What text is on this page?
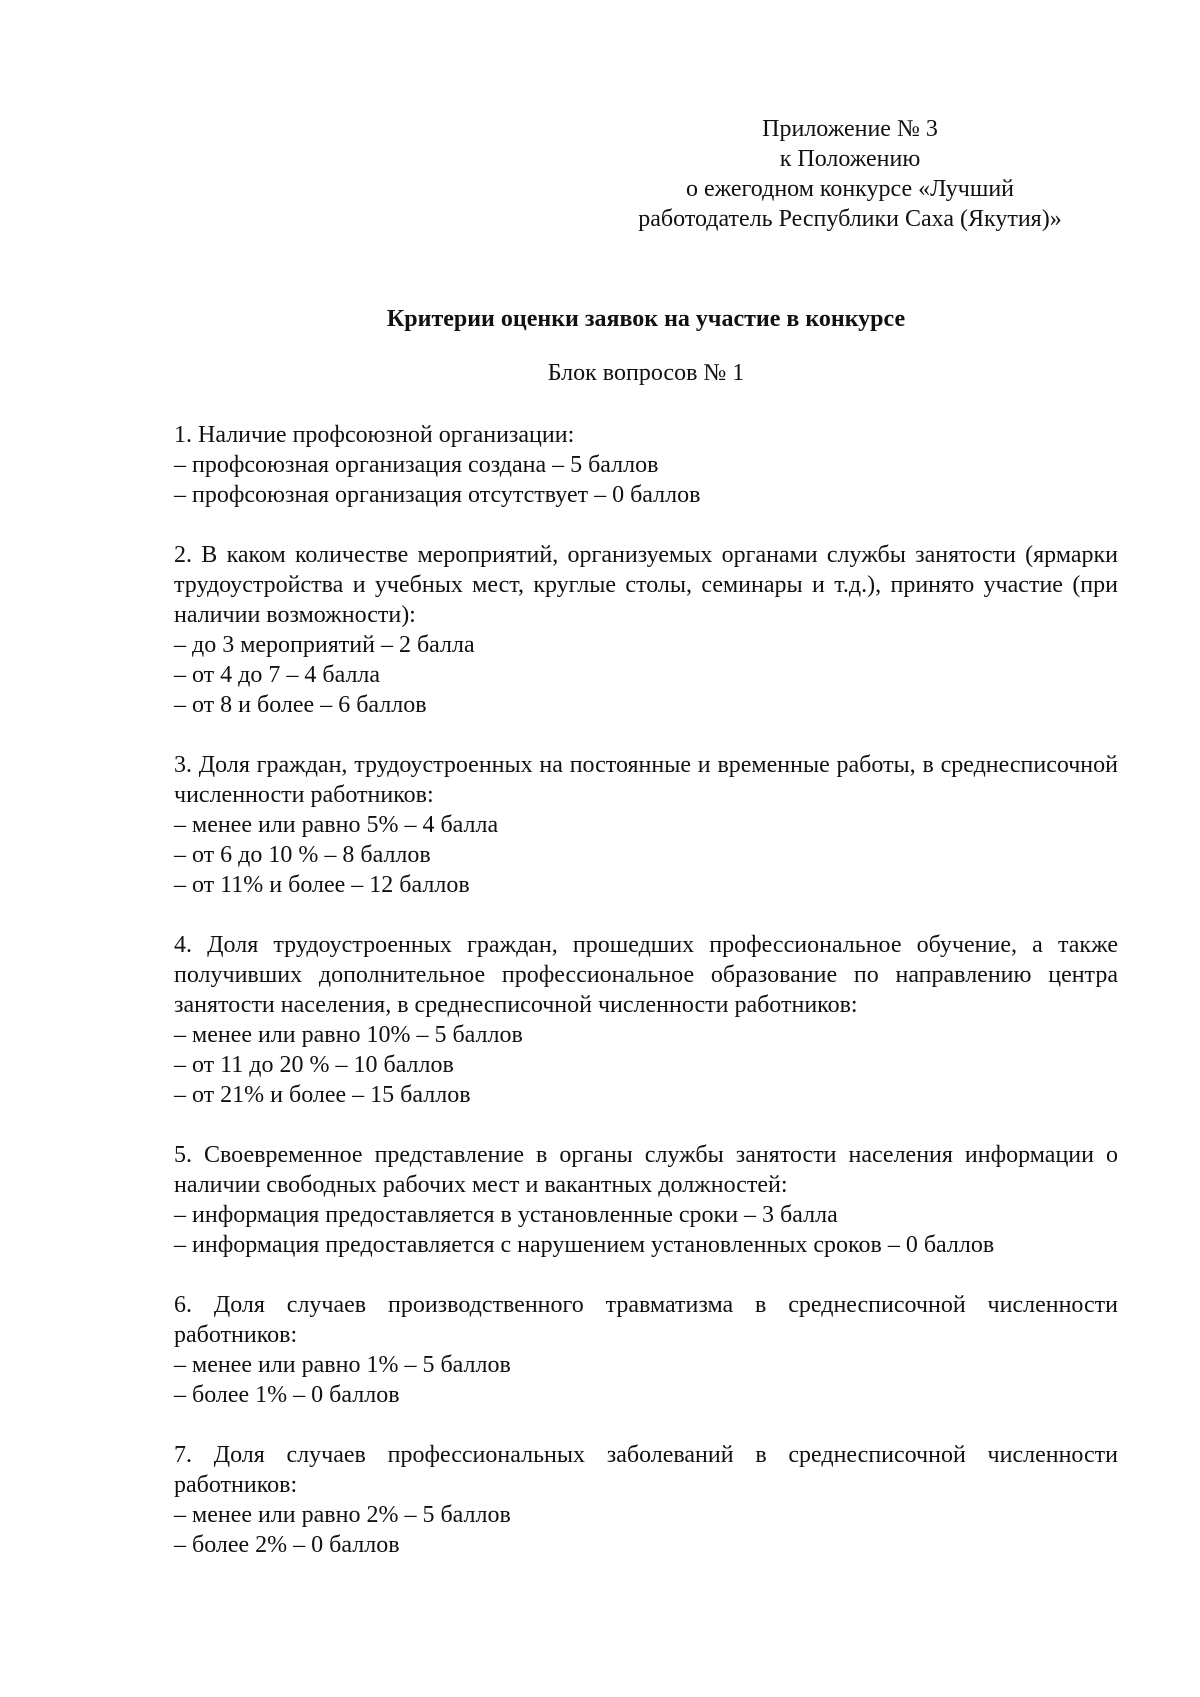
Приложение № 3
к Положению
о ежегодном конкурсе «Лучший
работодатель Республики Саха (Якутия)»
Критерии оценки заявок на участие в конкурсе
Блок вопросов № 1
1. Наличие профсоюзной организации:
– профсоюзная организация создана – 5 баллов
– профсоюзная организация отсутствует – 0 баллов
2. В каком количестве мероприятий, организуемых органами службы занятости (ярмарки трудоустройства и учебных мест, круглые столы, семинары и т.д.), принято участие (при наличии возможности):
– до 3 мероприятий – 2 балла
– от 4 до 7 – 4 балла
– от 8 и более – 6 баллов
3. Доля граждан, трудоустроенных на постоянные и временные работы, в среднесписочной численности работников:
– менее или равно 5% – 4 балла
– от 6 до 10 % – 8 баллов
– от 11% и более – 12 баллов
4. Доля трудоустроенных граждан, прошедших профессиональное обучение, а также получивших дополнительное профессиональное образование по направлению центра занятости населения, в среднесписочной численности работников:
– менее или равно 10% – 5 баллов
– от 11 до 20 % – 10 баллов
– от 21% и более – 15 баллов
5. Своевременное представление в органы службы занятости населения информации о наличии свободных рабочих мест и вакантных должностей:
– информация предоставляется в установленные сроки – 3 балла
– информация предоставляется с нарушением установленных сроков – 0 баллов
6. Доля случаев производственного травматизма в среднесписочной численности работников:
– менее или равно 1% – 5 баллов
– более 1% – 0 баллов
7. Доля случаев профессиональных заболеваний в среднесписочной численности работников:
– менее или равно 2% – 5 баллов
– более 2% – 0 баллов
